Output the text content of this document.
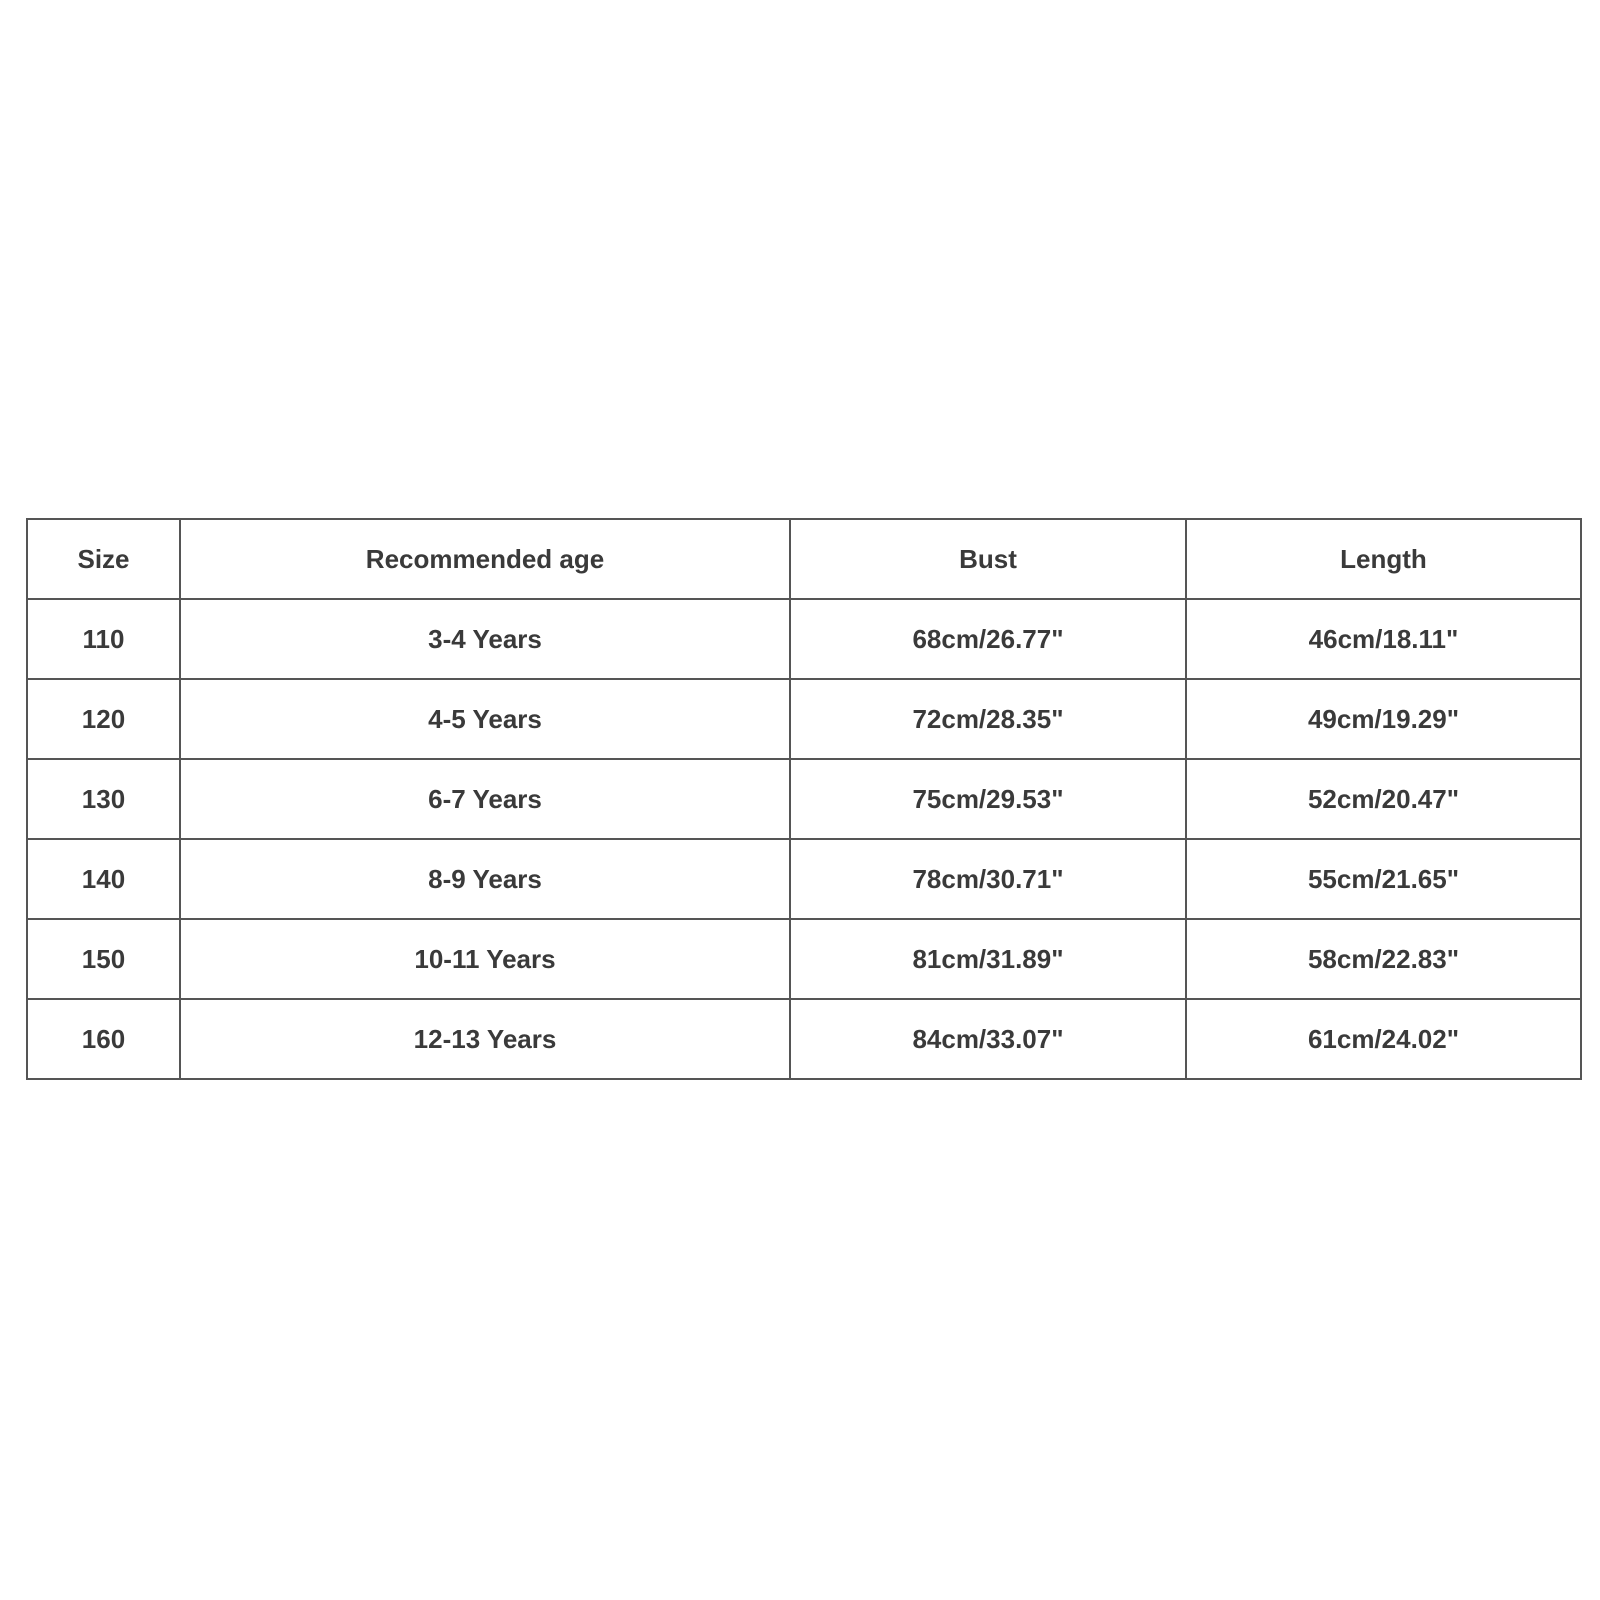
Size	Recommended age	Bust	Length
110	3-4 Years	68cm/26.77"	46cm/18.11"
120	4-5 Years	72cm/28.35"	49cm/19.29"
130	6-7 Years	75cm/29.53"	52cm/20.47"
140	8-9 Years	78cm/30.71"	55cm/21.65"
150	10-11 Years	81cm/31.89"	58cm/22.83"
160	12-13 Years	84cm/33.07"	61cm/24.02"
